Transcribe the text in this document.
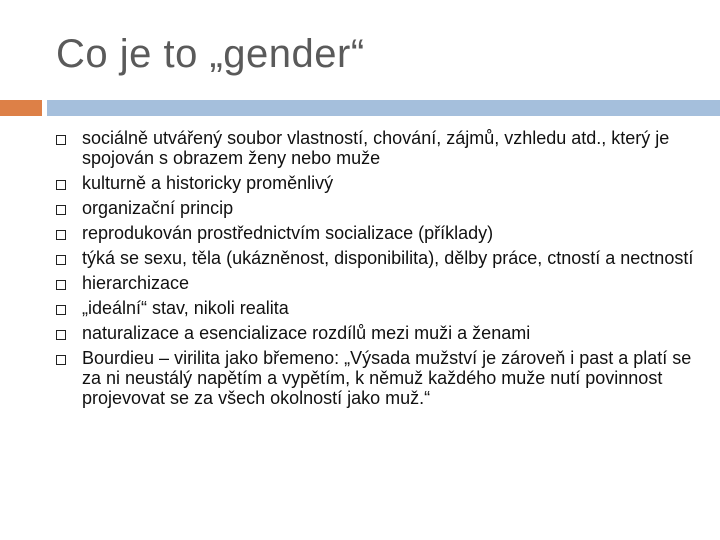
Co je to „gender“
sociálně utvářený soubor vlastností, chování, zájmů, vzhledu atd., který je spojován s obrazem ženy nebo muže
kulturně a historicky proměnlivý
organizační princip
reprodukován prostřednictvím socializace (příklady)
týká se sexu, těla (ukázněnost, disponibilita), dělby práce, ctností a nectností
hierarchizace
„ideální“ stav, nikoli realita
naturalizace a esencializace rozdílů mezi muži a ženami
Bourdieu – virilita jako břemeno: „Výsada mužství je zároveň i past a platí se za ni neustálý napětím a vypětím, k němuž každého muže nutí povinnost projevovat se za všech okolností jako muž.“
